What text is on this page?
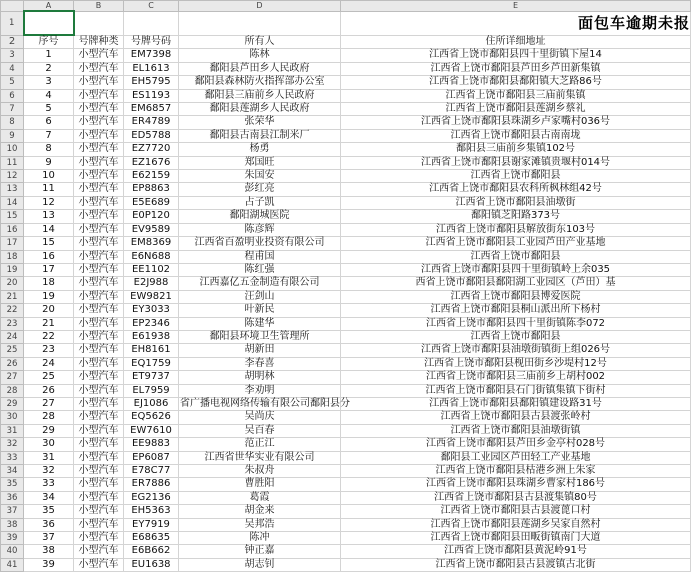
	A	B	C	D	E
1					面包车逾期未报
2	序号	号牌种类	号牌号码	所有人	住所详细地址
3	1	小型汽车	EM7398	陈林	江西省上饶市鄱阳县四十里街镇下屋14
4	2	小型汽车	EL1613	鄱阳县芦田乡人民政府	江西省上饶市鄱阳县芦田乡芦田新集镇
5	3	小型汽车	EH5795	鄱阳县森林防火指挥部办公室	江西省上饶市鄱阳县鄱阳镇大芝路86号
6	4	小型汽车	ES1193	鄱阳县三庙前乡人民政府	江西省上饶市鄱阳县三庙前集镇
7	5	小型汽车	EM6857	鄱阳县莲湖乡人民政府	江西省上饶市鄱阳县莲湖乡蔡礼
8	6	小型汽车	ER4789	张荣华	江西省上饶市鄱阳县珠湖乡卢家嘴村036号
9	7	小型汽车	ED5788	鄱阳县古南县江制米厂	江西省上饶市鄱阳县古南南垅
10	8	小型汽车	EZ7720	杨勇	鄱阳县三庙前乡集镇102号
11	9	小型汽车	EZ1676	郑国旺	江西省上饶市鄱阳县谢家滩镇贵堰村014号
12	10	小型汽车	E62159	朱国安	江西省上饶市鄱阳县
13	11	小型汽车	EP8863	彭红亮	江西省上饶市鄱阳县农科所枫林组42号
14	12	小型汽车	E5E689	占子凯	江西省上饶市鄱阳县油墩街
15	13	小型汽车	E0P120	鄱阳湖城医院	鄱阳镇芝阳路373号
16	14	小型汽车	EV9589	陈彦辉	江西省上饶市鄱阳县解放街东103号
17	15	小型汽车	EM8369	江西省百盈明业投资有限公司	江西省上饶市鄱阳县工业园芦田产业基地
18	16	小型汽车	E6N688	程甫国	江西省上饶市鄱阳县
19	17	小型汽车	EE1102	陈红强	江西省上饶市鄱阳县四十里街镇岭上余035
20	18	小型汽车	E2J988	江西嘉亿五金制造有限公司	西省上饶市鄱阳县鄱阳湖工业园区（芦田）基
21	19	小型汽车	EW9821	汪剑山	江西省上饶市鄱阳县博爱医院
22	20	小型汽车	EY3033	叶新民	江西省上饶市鄱阳县桐山派出所下杨村
23	21	小型汽车	EP2346	陈建华	江西省上饶市鄱阳县四十里街镇陈李072
24	22	小型汽车	E61938	鄱阳县环境卫生管理所	江西省上饶市鄱阳县
25	23	小型汽车	EH8161	胡新田	江西省上饶市鄱阳县油墩街镇街上组026号
26	24	小型汽车	EQ1759	李春喜	江西省上饶市鄱阳县枧田街乡沙堤村12号
27	25	小型汽车	ET9737	胡明林	江西省上饶市鄱阳县三庙前乡上胡村002
28	26	小型汽车	EL7959	李劝明	江西省上饶市鄱阳县石门街镇集镇下街村
29	27	小型汽车	EJ1086	省广播电视网络传输有限公司鄱阳县分	江西省上饶市鄱阳县鄱阳镇建设路31号
30	28	小型汽车	EQ5626	吴尚庆	江西省上饶市鄱阳县古县渡张岭村
31	29	小型汽车	EW7610	吴百春	江西省上饶市鄱阳县油墩街镇
32	30	小型汽车	EE9883	范正江	江西省上饶市鄱阳县芦田乡金亭村028号
33	31	小型汽车	EP6087	江西省世华实业有限公司	鄱阳县工业园区芦田轻工产业基地
34	32	小型汽车	E78C77	朱叔舟	江西省上饶市鄱阳县枯港乡洲上朱家
35	33	小型汽车	ER7886	曹胜阳	江西省上饶市鄱阳县珠湖乡曹家村186号
36	34	小型汽车	EG2136	葛霞	江西省上饶市鄱阳县古县渡集镇80号
37	35	小型汽车	EH5363	胡金来	江西省上饶市鄱阳县古县渡蓖口村
38	36	小型汽车	EY7919	吴邦浩	江西省上饶市鄱阳县莲湖乡吴家自然村
39	37	小型汽车	E68635	陈冲	江西省上饶市鄱阳县田畈街镇南门大道
40	38	小型汽车	E6B662	钟正嘉	江西省上饶市鄱阳县黄泥岭91号
41	39	小型汽车	EU1638	胡志钊	江西省上饶市鄱阳县古县渡镇古北街
